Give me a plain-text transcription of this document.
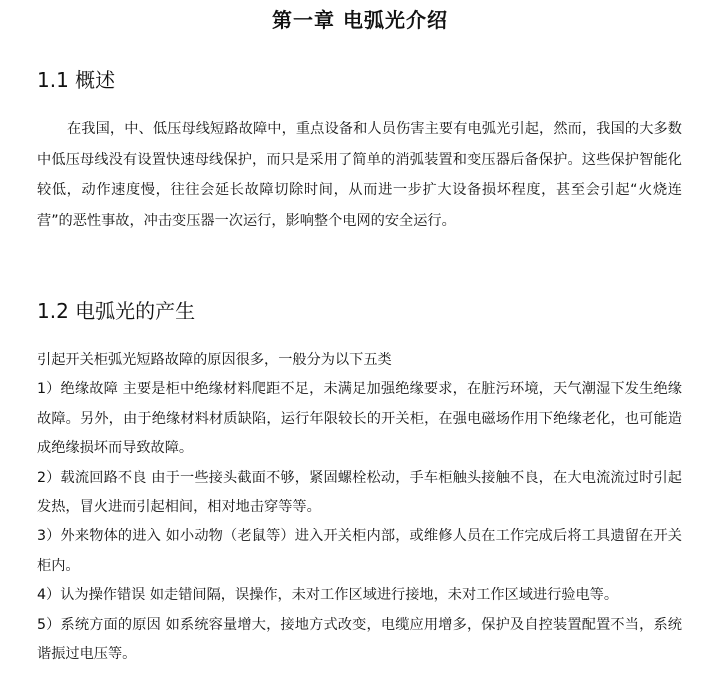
第一章 电弧光介绍
1.1 概述

在我国，中、低压母线短路故障中，重点设备和人员伤害主要有电弧光引起，然而，我国的大多数中低压母线没有设置快速母线保护，而只是采用了简单的消弧装置和变压器后备保护。这些保护智能化较低，动作速度慢，往往会延长故障切除时间，从而进一步扩大设备损坏程度，甚至会引起“火烧连营”的恶性事故，冲击变压器一次运行，影响整个电网的安全运行。

1.2 电弧光的产生

引起开关柜弧光短路故障的原因很多，一般分为以下五类

1）绝缘故障 主要是柜中绝缘材料爬距不足，未满足加强绝缘要求，在脏污环境，天气潮湿下发生绝缘故障。另外，由于绝缘材料材质缺陷，运行年限较长的开关柜，在强电磁场作用下绝缘老化，也可能造成绝缘损坏而导致故障。

2）载流回路不良 由于一些接头截面不够，紧固螺栓松动，手车柜触头接触不良，在大电流流过时引起发热，冒火进而引起相间，相对地击穿等等。

3）外来物体的进入 如小动物（老鼠等）进入开关柜内部，或维修人员在工作完成后将工具遗留在开关柜内。

4）认为操作错误 如走错间隔，误操作，未对工作区域进行接地，未对工作区域进行验电等。

5）系统方面的原因 如系统容量增大，接地方式改变，电缆应用增多，保护及自控装置配置不当，系统谐振过电压等。
